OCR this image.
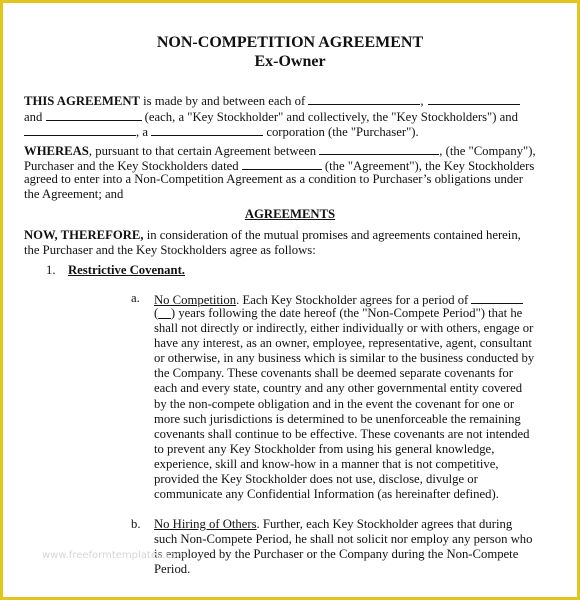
NON-COMPETITION AGREEMENT
Ex-Owner
THIS AGREEMENT is made by and between each of	,
and	(each, a "Key Stockholder" and collectively, the "Key Stockholders") and
, a	corporation (the "Purchaser").
WHEREAS, pursuant to that certain Agreement between	, (the "Company"),
Purchaser and the Key Stockholders dated	(the "Agreement"), the Key Stockholders
agreed to enter into a Non-Competition Agreement as a condition to Purchaser’s obligations under
the Agreement; and
AGREEMENTS
NOW, THEREFORE, in consideration of the mutual promises and agreements contained herein,
the Purchaser and the Key Stockholders agree as follows:
1. Restrictive Covenant.
a. No Competition. Each Key Stockholder agrees for a period of
(__) years following the date hereof (the "Non-Compete Period") that he
shall not directly or indirectly, either individually or with others, engage or
have any interest, as an owner, employee, representative, agent, consultant
or otherwise, in any business which is similar to the business conducted by
the Company. These covenants shall be deemed separate covenants for
each and every state, country and any other governmental entity covered
by the non-compete obligation and in the event the covenant for one or
more such jurisdictions is determined to be unenforceable the remaining
covenants shall continue to be effective. These covenants are not intended
to prevent any Key Stockholder from using his general knowledge,
experience, skill and know-how in a manner that is not competitive,
provided the Key Stockholder does not use, disclose, divulge or
communicate any Confidential Information (as hereinafter defined).
b. No Hiring of Others. Further, each Key Stockholder agrees that during
such Non-Compete Period, he shall not solicit nor employ any person who
is employed by the Purchaser or the Company during the Non-Compete
Period.
www.freeformtemplates.com
